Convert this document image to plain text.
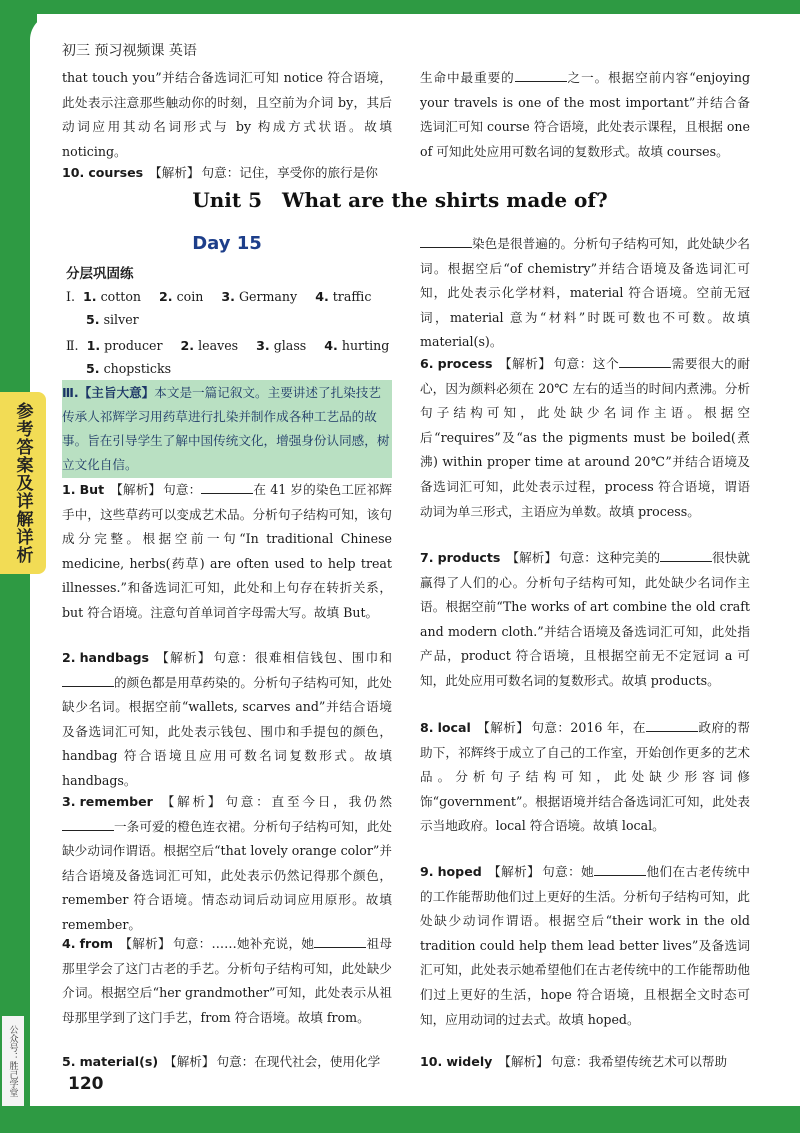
初三 预习视频课 英语
参考答案及详解详析
公众号：胜己学堂	120
that touch you”并结合备选词汇可知 notice 符合语境，此处表示注意那些触动你的时刻，且空前为介词 by，其后动词应用其动名词形式与 by 构成方式状语。故填 noticing。
10. courses 【解析】 句意：记住，享受你的旅行是你
生命中最重要的	之一。根据空前内容“enjoying your travels is one of the most important”并结合备选词汇可知 course 符合语境，此处表示课程，且根据 one of 可知此处应用可数名词的复数形式。故填 courses。
Unit 5 What are the shirts made of?
Day 15
分层巩固练
Ⅰ. 1. cotton 2. coin 3. Germany 4. traffic
5. silver
Ⅱ. 1. producer 2. leaves 3. glass 4. hurting
5. chopsticks
Ⅲ.【主旨大意】本文是一篇记叙文。主要讲述了扎染技艺传承人祁辉学习用药草进行扎染并制作成各种工艺品的故事。旨在引导学生了解中国传统文化，增强身份认同感，树立文化自信。
1. But 【解析】 句意：	在 41 岁的染色工匠祁辉手中，这些草药可以变成艺术品。分析句子结构可知，该句成分完整。根据空前一句“In traditional Chinese medicine, herbs(药草) are often used to help treat illnesses.”和备选词汇可知，此处和上句存在转折关系，but 符合语境。注意句首单词首字母需大写。故填 But。
2. handbags 【解析】 句意：很难相信钱包、围巾和的颜色都是用草药染的。分析句子结构可知，此处缺少名词。根据空前“wallets, scarves and”并结合语境及备选词汇可知，此处表示钱包、围巾和手提包的颜色，handbag 符合语境且应用可数名词复数形式。故填 handbags。
3. remember 【解析】 句意：直至今日，我仍然一条可爱的橙色连衣裙。分析句子结构可知，此处缺少动词作谓语。根据空后“that lovely orange color”并结合语境及备选词汇可知，此处表示仍然记得那个颜色，remember 符合语境。情态动词后动词应用原形。故填 remember。
4. from 【解析】 句意：……她补充说，她	祖母那里学会了这门古老的手艺。分析句子结构可知，此处缺少介词。根据空后“her grandmother”可知，此处表示从祖母那里学到了这门手艺，from 符合语境。故填 from。
5. material(s) 【解析】 句意：在现代社会，使用化学
染色是很普遍的。分析句子结构可知，此处缺少名词。根据空后“of chemistry”并结合语境及备选词汇可知，此处表示化学材料，material 符合语境。空前无冠词，material 意为“材料”时既可数也不可数。故填 material(s)。
6. process 【解析】 句意：这个	需要很大的耐心，因为颜料必须在 20℃ 左右的适当的时间内煮沸。分析句子结构可知，此处缺少名词作主语。根据空后“requires”及“as the pigments must be boiled(煮沸) within proper time at around 20℃”并结合语境及备选词汇可知，此处表示过程，process 符合语境，谓语动词为单三形式，主语应为单数。故填 process。
7. products 【解析】 句意：这种完美的	很快就赢得了人们的心。分析句子结构可知，此处缺少名词作主语。根据空前“The works of art combine the old craft and modern cloth.”并结合语境及备选词汇可知，此处指产品，product 符合语境，且根据空前无不定冠词 a 可知，此处应用可数名词的复数形式。故填 products。
8. local 【解析】 句意：2016 年，在	政府的帮助下，祁辉终于成立了自己的工作室，开始创作更多的艺术品。分析句子结构可知，此处缺少形容词修饰“government”。根据语境并结合备选词汇可知，此处表示当地政府。local 符合语境。故填 local。
9. hoped 【解析】 句意：她	他们在古老传统中的工作能帮助他们过上更好的生活。分析句子结构可知，此处缺少动词作谓语。根据空后“their work in the old tradition could help them lead better lives”及备选词汇可知，此处表示她希望他们在古老传统中的工作能帮助他们过上更好的生活，hope 符合语境，且根据全文时态可知，应用动词的过去式。故填 hoped。
10. widely 【解析】 句意：我希望传统艺术可以帮助
